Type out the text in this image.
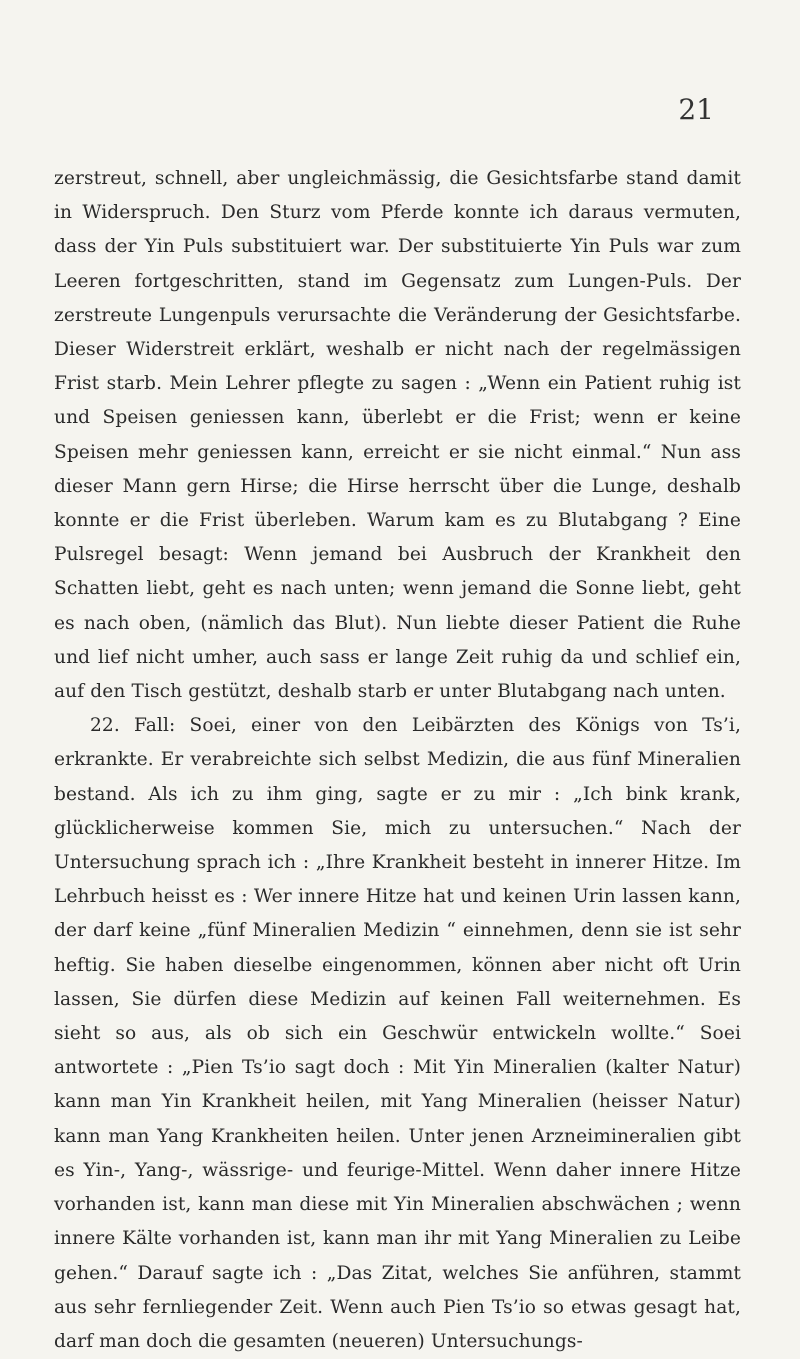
21

zerstreut, schnell, aber ungleichmässig, die Gesichtsfarbe stand damit in Widerspruch. Den Sturz vom Pferde konnte ich daraus vermuten, dass der Yin Puls substituiert war. Der substituierte Yin Puls war zum Leeren fortgeschritten, stand im Gegensatz zum Lungen-Puls. Der zerstreute Lungenpuls verursachte die Veränderung der Gesichtsfarbe. Dieser Widerstreit erklärt, weshalb er nicht nach der regelmässigen Frist starb. Mein Lehrer pflegte zu sagen : „Wenn ein Patient ruhig ist und Speisen geniessen kann, überlebt er die Frist; wenn er keine Speisen mehr geniessen kann, erreicht er sie nicht einmal.“ Nun ass dieser Mann gern Hirse; die Hirse herrscht über die Lunge, deshalb konnte er die Frist überleben. Warum kam es zu Blutabgang ? Eine Pulsregel besagt: Wenn jemand bei Ausbruch der Krankheit den Schatten liebt, geht es nach unten; wenn jemand die Sonne liebt, geht es nach oben, (nämlich das Blut). Nun liebte dieser Patient die Ruhe und lief nicht umher, auch sass er lange Zeit ruhig da und schlief ein, auf den Tisch gestützt, deshalb starb er unter Blutabgang nach unten.

22. Fall: Soei, einer von den Leibärzten des Königs von Ts’i, erkrankte. Er verabreichte sich selbst Medizin, die aus fünf Mineralien bestand. Als ich zu ihm ging, sagte er zu mir : „Ich bink krank, glücklicherweise kommen Sie, mich zu untersuchen.“ Nach der Untersuchung sprach ich : „Ihre Krankheit besteht in innerer Hitze. Im Lehrbuch heisst es : Wer innere Hitze hat und keinen Urin lassen kann, der darf keine „fünf Mineralien Medizin “ einnehmen, denn sie ist sehr heftig. Sie haben dieselbe eingenommen, können aber nicht oft Urin lassen, Sie dürfen diese Medizin auf keinen Fall weiternehmen. Es sieht so aus, als ob sich ein Geschwür entwickeln wollte.“ Soei antwortete : „Pien Ts’io sagt doch : Mit Yin Mineralien (kalter Natur) kann man Yin Krankheit heilen, mit Yang Mineralien (heisser Natur) kann man Yang Krankheiten heilen. Unter jenen Arzneimineralien gibt es Yin-, Yang-, wässrige- und feurige-Mittel. Wenn daher innere Hitze vorhanden ist, kann man diese mit Yin Mineralien abschwächen ; wenn innere Kälte vorhanden ist, kann man ihr mit Yang Mineralien zu Leibe gehen.“ Darauf sagte ich : „Das Zitat, welches Sie anführen, stammt aus sehr fernliegender Zeit. Wenn auch Pien Ts’io so etwas gesagt hat, darf man doch die gesamten (neueren) Untersuchungs-
